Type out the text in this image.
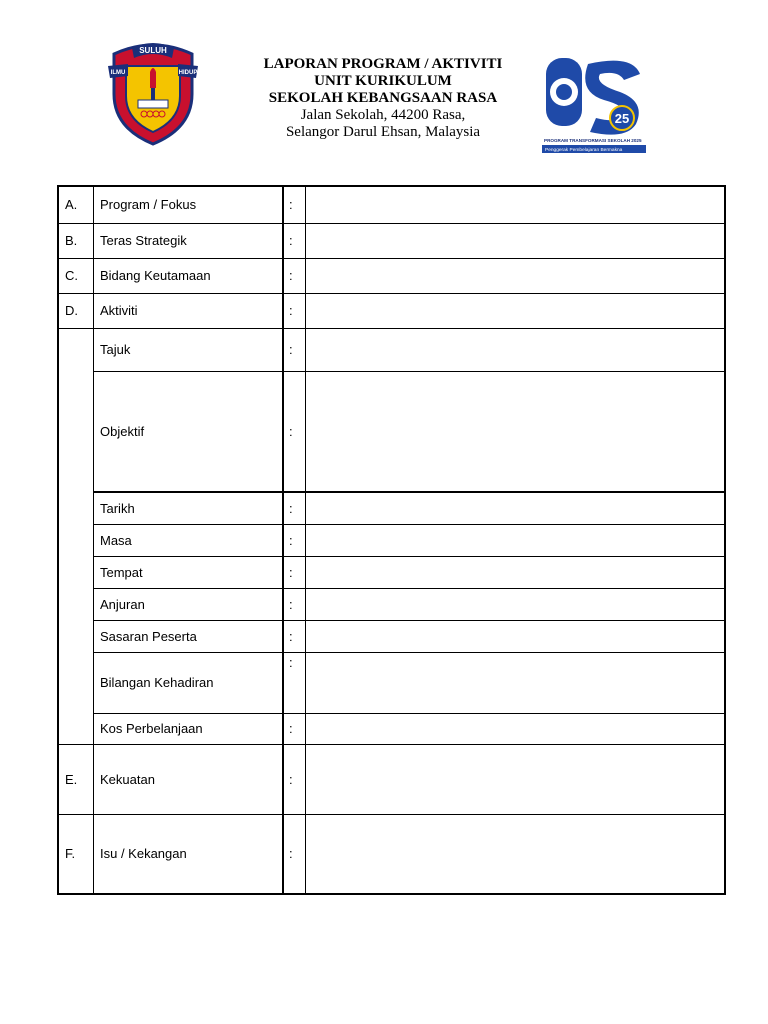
SULUH
ILMU	HIDUP
LAPORAN PROGRAM / AKTIVITI
UNIT KURIKULUM
SEKOLAH KEBANGSAAN RASA
Jalan Sekolah, 44200 Rasa,
Selangor Darul Ehsan, Malaysia
25
PROGRAM TRANSFORMASI SEKOLAH 2025
Penggerak Pembelajaran Bermakna
A.	Program / Fokus	:	
B.	Teras Strategik	:	
C.	Bidang Keutamaan	:	
D.	Aktiviti	:	
	Tajuk	:	
	Objektif	:	
	Tarikh	:	
	Masa	:	
	Tempat	:	
	Anjuran	:	
	Sasaran Peserta	:	
	Bilangan Kehadiran	:	
	Kos Perbelanjaan	:	
E.	Kekuatan	:	
F.	Isu / Kekangan	:	
